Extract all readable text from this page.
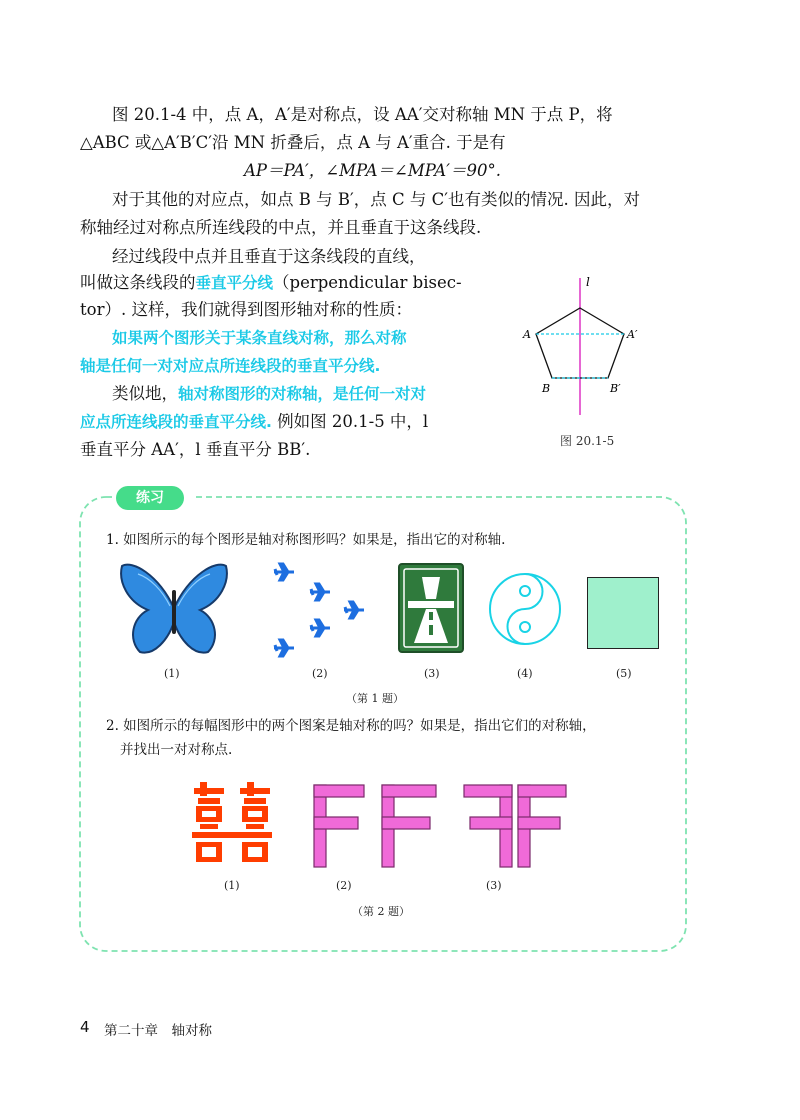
图 20.1-4 中，点 A，A′是对称点，设 AA′交对称轴 MN 于点 P，将
△ABC 或△A′B′C′沿 MN 折叠后，点 A 与 A′重合. 于是有
AP＝PA′，∠MPA＝∠MPA′＝90°.
对于其他的对应点，如点 B 与 B′，点 C 与 C′也有类似的情况. 因此，对
称轴经过对称点所连线段的中点，并且垂直于这条线段.
经过线段中点并且垂直于这条线段的直线，
叫做这条线段的垂直平分线（perpendicular bisec-
tor）. 这样，我们就得到图形轴对称的性质：
如果两个图形关于某条直线对称，那么对称
轴是任何一对对应点所连线段的垂直平分线.
类似地，轴对称图形的对称轴，是任何一对对
应点所连线段的垂直平分线. 例如图 20.1-5 中，l
垂直平分 AA′，l 垂直平分 BB′.
l
A	A′
B	B′
图 20.1-5
练习
1. 如图所示的每个图形是轴对称图形吗？如果是，指出它的对称轴.
(1)	(2)	(3)	(4)	(5)
（第 1 题）
2. 如图所示的每幅图形中的两个图案是轴对称的吗？如果是，指出它们的对称轴，
并找出一对对称点.
(1)	(2)	(3)
（第 2 题）
4 第二十章　轴对称
